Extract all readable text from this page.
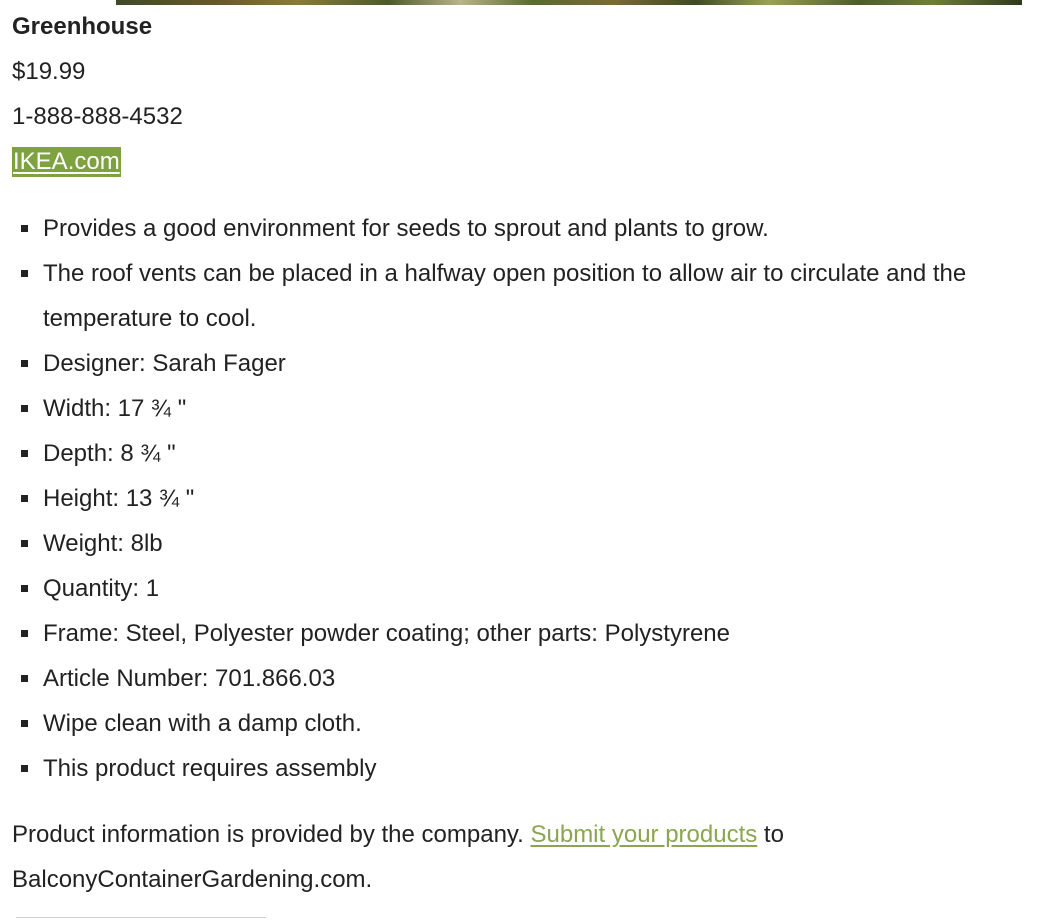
Greenhouse
$19.99
1-888-888-4532
IKEA.com
Provides a good environment for seeds to sprout and plants to grow.
The roof vents can be placed in a halfway open position to allow air to circulate and the temperature to cool.
Designer: Sarah Fager
Width: 17 ¾ "
Depth: 8 ¾ "
Height: 13 ¾ "
Weight: 8lb
Quantity: 1
Frame: Steel, Polyester powder coating; other parts: Polystyrene
Article Number: 701.866.03
Wipe clean with a damp cloth.
This product requires assembly

Product information is provided by the company. Submit your products to BalconyContainerGardening.com.
